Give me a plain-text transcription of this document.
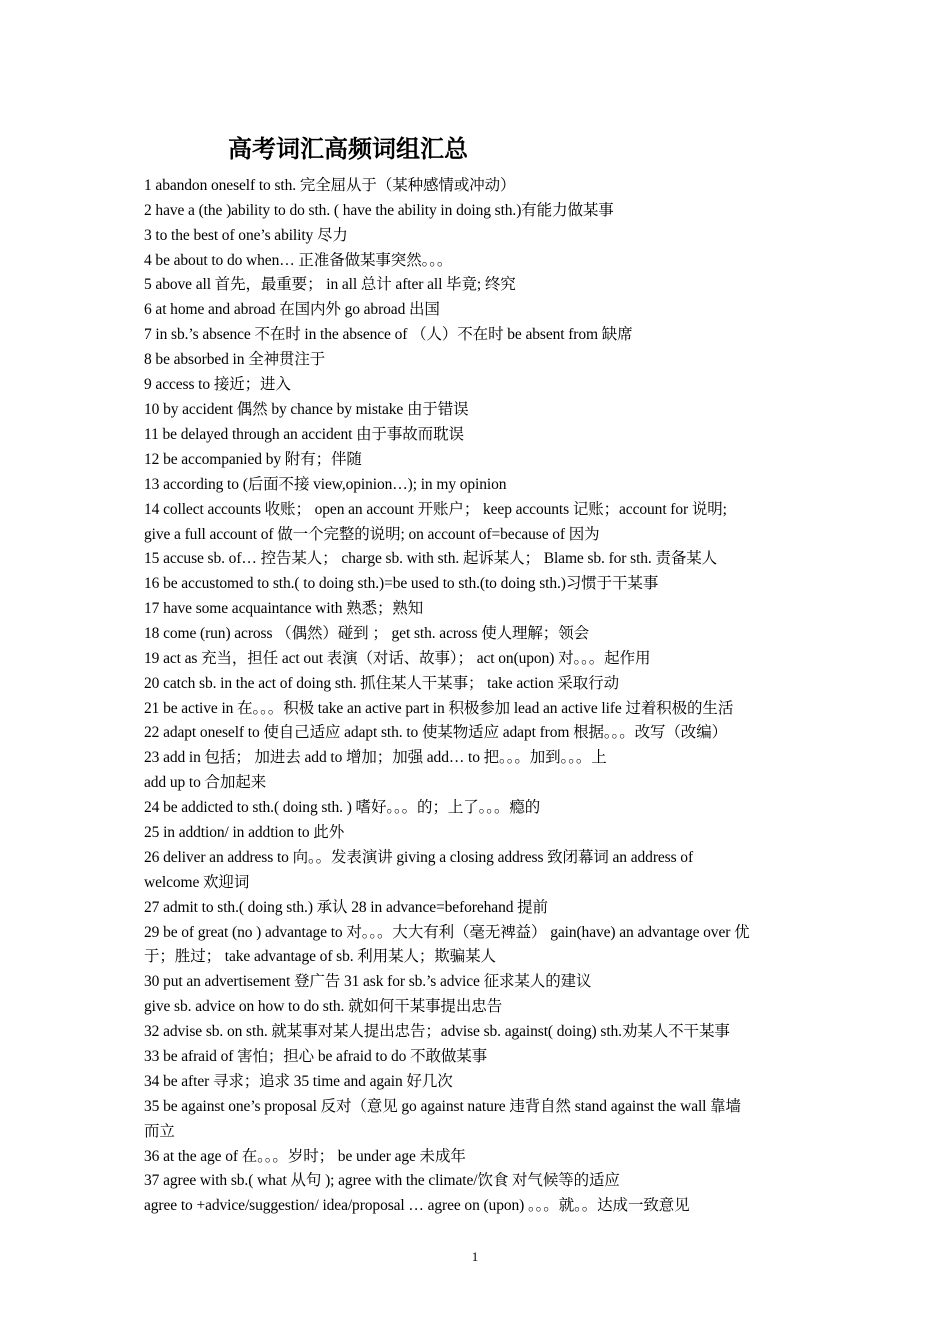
高考词汇高频词组汇总
1 abandon oneself to sth. 完全屈从于（某种感情或冲动）
2 have a (the )ability to do sth. ( have the ability in doing sth.)有能力做某事
3 to the best of one’s ability 尽力
4 be about to do when… 正准备做某事突然。。。
5 above all 首先，最重要； in all 总计 after all 毕竟; 终究
6 at home and abroad 在国内外 go abroad 出国
7 in sb.’s absence 不在时 in the absence of （人）不在时 be absent from 缺席
8 be absorbed in 全神贯注于
9 access to 接近；进入
10 by accident 偶然 by chance by mistake 由于错误
11 be delayed through an accident 由于事故而耽误
12 be accompanied by 附有；伴随
13 according to (后面不接 view,opinion…); in my opinion
14 collect accounts 收账； open an account 开账户； keep accounts 记账；account for 说明;
give a full account of 做一个完整的说明; on account of=because of 因为
15 accuse sb. of… 控告某人； charge sb. with sth. 起诉某人； Blame sb. for sth. 责备某人
16 be accustomed to sth.( to doing sth.)=be used to sth.(to doing sth.)习惯于干某事
17 have some acquaintance with 熟悉；熟知
18 come (run) across （偶然）碰到 ； get sth. across 使人理解；领会
19 act as 充当，担任 act out 表演（对话、故事）； act on(upon) 对。。。起作用
20 catch sb. in the act of doing sth. 抓住某人干某事； take action 采取行动
21 be active in 在。。。积极 take an active part in 积极参加 lead an active life 过着积极的生活
22 adapt oneself to 使自己适应 adapt sth. to 使某物适应 adapt from 根据。。。改写（改编）
23 add in 包括； 加进去 add to 增加；加强 add… to 把。。。加到。。。上
add up to 合加起来
24 be addicted to sth.( doing sth. ) 嗜好。。。的；上了。。。瘾的
25 in addtion/ in addtion to 此外
26 deliver an address to 向。。发表演讲 giving a closing address 致闭幕词 an address of
welcome 欢迎词
27 admit to sth.( doing sth.) 承认 28 in advance=beforehand 提前
29 be of great (no ) advantage to 对。。。大大有利（毫无裨益） gain(have) an advantage over 优
于；胜过； take advantage of sb. 利用某人；欺骗某人
30 put an advertisement 登广告 31 ask for sb.’s advice 征求某人的建议
give sb. advice on how to do sth. 就如何干某事提出忠告
32 advise sb. on sth. 就某事对某人提出忠告；advise sb. against( doing) sth.劝某人不干某事
33 be afraid of 害怕；担心 be afraid to do 不敢做某事
34 be after 寻求；追求 35 time and again 好几次
35 be against one’s proposal 反对（意见 go against nature 违背自然 stand against the wall 靠墙
而立
36 at the age of 在。。。岁时； be under age 未成年
37 agree with sb.( what 从句 ); agree with the climate/饮食 对气候等的适应
agree to +advice/suggestion/ idea/proposal … agree on (upon) 。。。就。。达成一致意见
1
